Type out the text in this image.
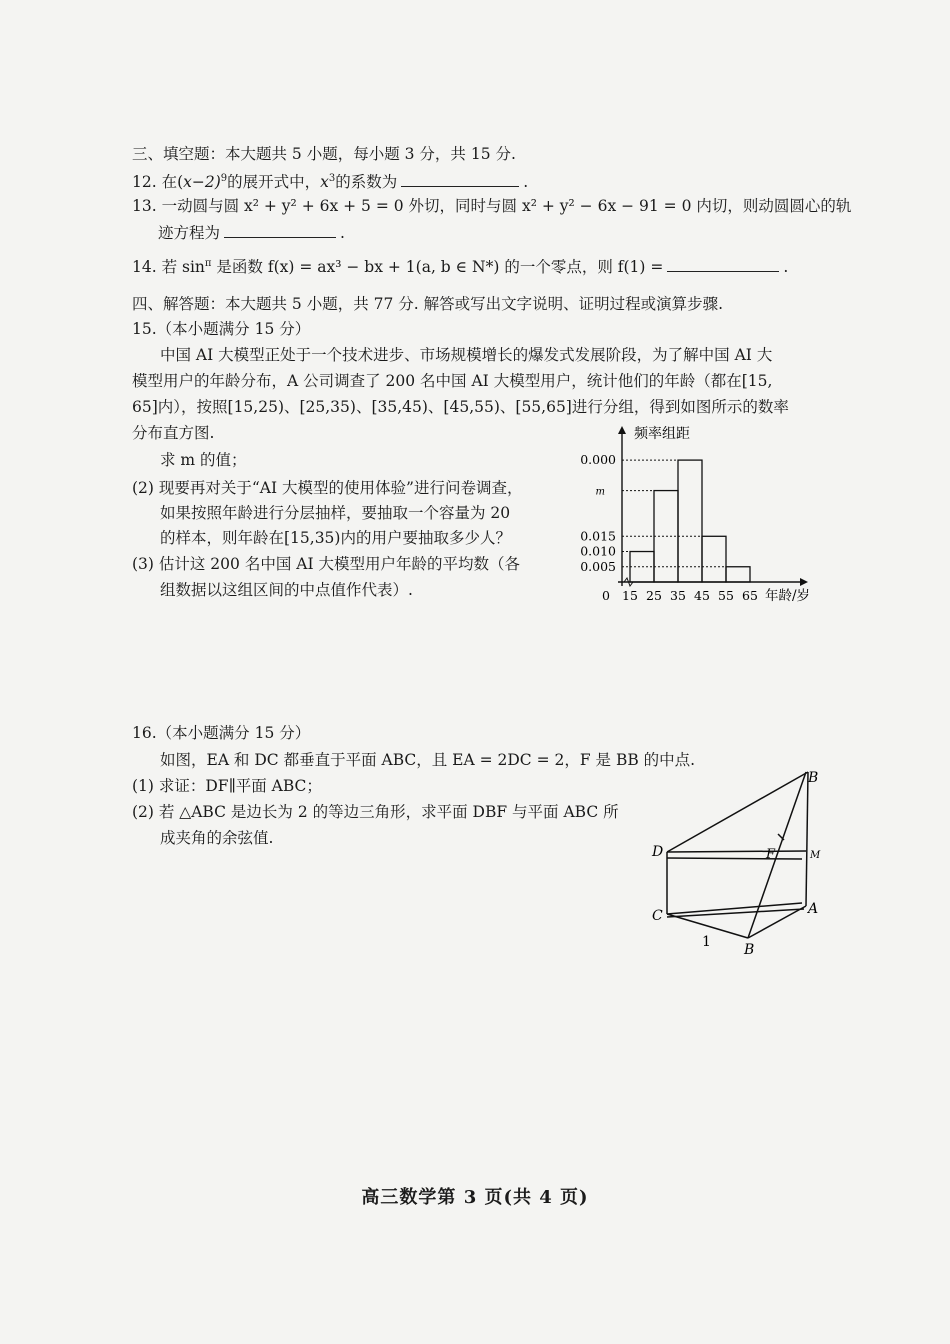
三、填空题：本大题共 5 小题，每小题 3 分，共 15 分.
12. 在$(x-2)^9$的展开式中，$x^3$的系数为	.
13. 一动圆与圆 x² + y² + 6x + 5 = 0 外切，同时与圆 x² + y² − 6x − 91 = 0 内切，则动圆圆心的轨
迹方程为	.
14. 若 $\sin^\pi$ 是函数 f(x) = ax³ − bx + 1(a, b ∈ N*) 的一个零点，则 f(1) =	.
四、解答题：本大题共 5 小题，共 77 分. 解答或写出文字说明、证明过程或演算步骤.
15.（本小题满分 15 分）
中国 AI 大模型正处于一个技术进步、市场规模增长的爆发式发展阶段，为了解中国 AI 大
模型用户的年龄分布，A 公司调查了 200 名中国 AI 大模型用户，统计他们的年龄（都在[15,
65]内），按照[15,25)、[25,35)、[35,45)、[45,55)、[55,65]进行分组，得到如图所示的数率
分布直方图.
求 m 的值；
(2) 现要再对关于“AI 大模型的使用体验”进行问卷调查，
如果按照年龄进行分层抽样，要抽取一个容量为 20
的样本，则年龄在[15,35)内的用户要抽取多少人？
(3) 估计这 200 名中国 AI 大模型用户年龄的平均数（各
组数据以这组区间的中点值作代表）.
频率组距
0.000
m
0.015
0.010
0.005
0 15 25 35 45 55 65 年龄/岁
16.（本小题满分 15 分）
如图，EA 和 DC 都垂直于平面 ABC，且 EA = 2DC = 2，F 是 BB 的中点.
(1) 求证：DF∥平面 ABC；
(2) 若 △ABC 是边长为 2 的等边三角形，求平面 DBF 与平面 ABC 所
成夹角的余弦值.
B
D	F	M
C	A
B
1
高三数学第 3 页(共 4 页)
